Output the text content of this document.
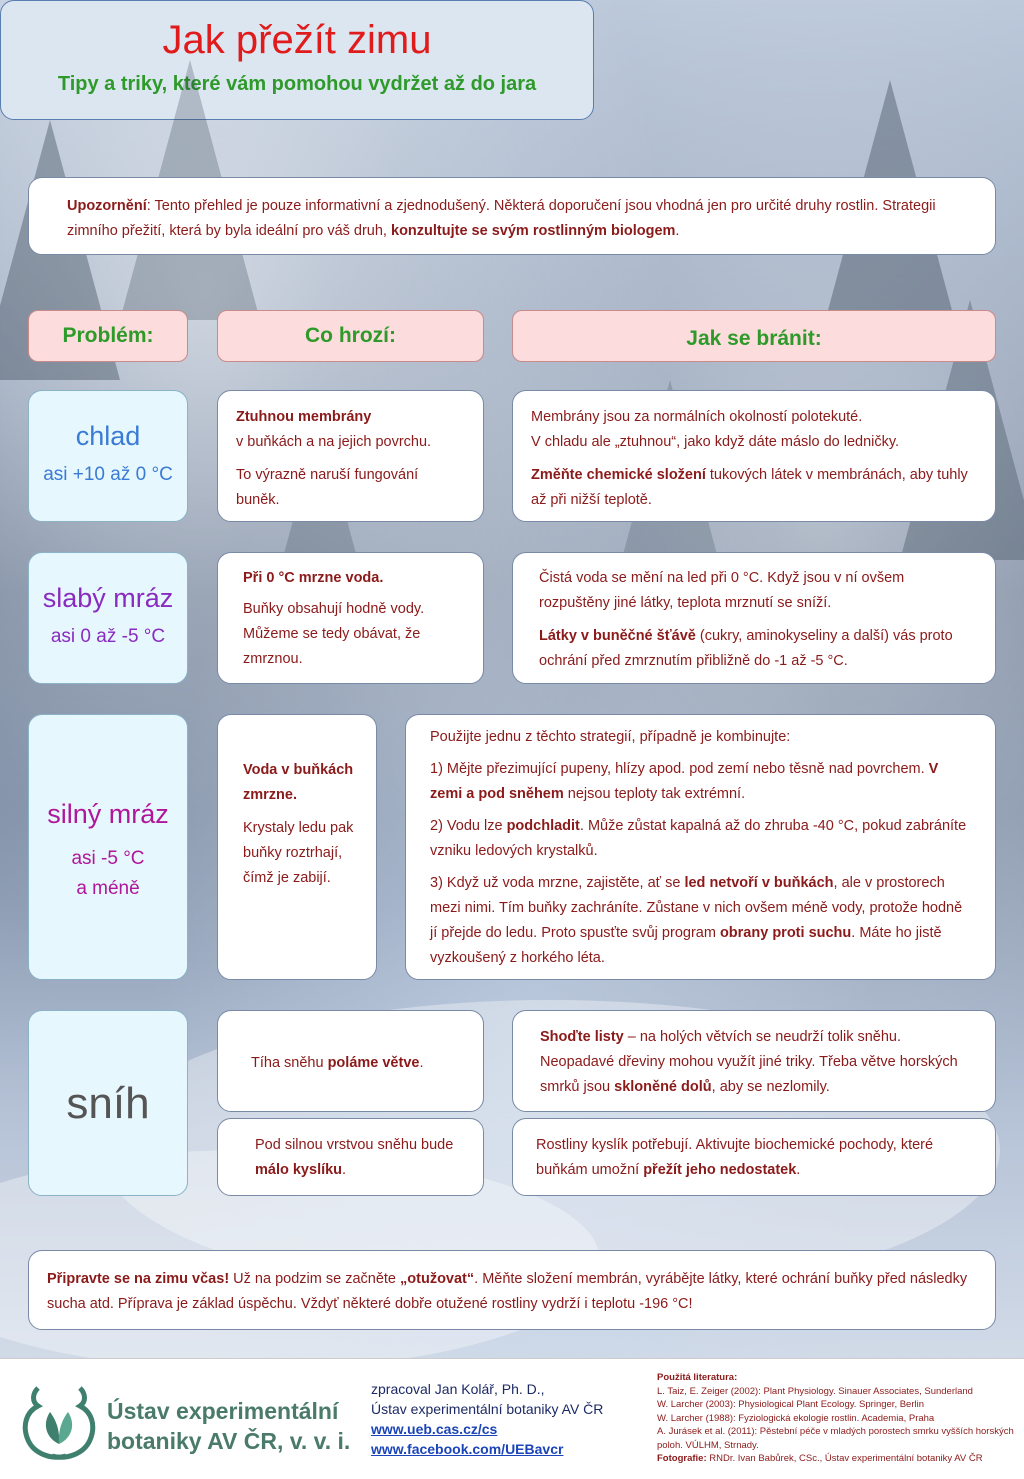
Jak přežít zimu
Tipy a triky, které vám pomohou vydržet až do jara
Upozornění: Tento přehled je pouze informativní a zjednodušený. Některá doporučení jsou vhodná jen pro určité druhy rostlin. Strategii zimního přežití, která by byla ideální pro váš druh, konzultujte se svým rostlinným biologem.
Problém:	Co hrozí:	Jak se bránit:
chlad
asi +10 až 0 °C

Ztuhnou membrány

v buňkách a na jejich povrchu.

To výrazně naruší fungování buněk.

Membrány jsou za normálních okolností polotekuté.

V chladu ale „ztuhnou“, jako když dáte máslo do ledničky.

Změňte chemické složení tukových látek v membránách, aby tuhly až při nižší teplotě.

slabý mráz
asi 0 až -5 °C

Při 0 °C mrzne voda.

Buňky obsahují hodně vody. Můžeme se tedy obávat, že zmrznou.

Čistá voda se mění na led při 0 °C. Když jsou v ní ovšem rozpuštěny jiné látky, teplota mrznutí se sníží.

Látky v buněčné šťávě (cukry, aminokyseliny a další) vás proto ochrání před zmrznutím přibližně do -1 až -5 °C.

silný mráz
asi -5 °C
a méně

Voda v buňkách zmrzne.

Krystaly ledu pak buňky roztrhají, čímž je zabijí.

Použijte jednu z těchto strategií, případně je kombinujte:

1) Mějte přezimující pupeny, hlízy apod. pod zemí nebo těsně nad povrchem. V zemi a pod sněhem nejsou teploty tak extrémní.

2) Vodu lze podchladit. Může zůstat kapalná až do zhruba -40 °C, pokud zabráníte vzniku ledových krystalků.

3) Když už voda mrzne, zajistěte, ať se led netvoří v buňkách, ale v prostorech mezi nimi. Tím buňky zachráníte. Zůstane v nich ovšem méně vody, protože hodně jí přejde do ledu. Proto spusťte svůj program obrany proti suchu. Máte ho jistě vyzkoušený z horkého léta.

sníh

Tíha sněhu poláme větve.

Shoďte listy – na holých větvích se neudrží tolik sněhu. Neopadavé dřeviny mohou využít jiné triky. Třeba větve horských smrků jsou skloněné dolů, aby se nezlomily.

Pod silnou vrstvou sněhu bude málo kyslíku.

Rostliny kyslík potřebují. Aktivujte biochemické pochody, které buňkám umožní přežít jeho nedostatek.

Připravte se na zimu včas! Už na podzim se začněte „otužovat“. Měňte složení membrán, vyrábějte látky, které ochrání buňky před následky sucha atd. Příprava je základ úspěchu. Vždyť některé dobře otužené rostliny vydrží i teplotu -196 °C!

Ústav experimentální
botaniky AV ČR, v. v. i.
zpracoval Jan Kolář, Ph. D.,
Ústav experimentální botaniky AV ČR
www.ueb.cas.cz/cs
www.facebook.com/UEBavcr
Použitá literatura:
L. Taiz, E. Zeiger (2002): Plant Physiology. Sinauer Associates, Sunderland
W. Larcher (2003): Physiological Plant Ecology. Springer, Berlin
W. Larcher (1988): Fyziologická ekologie rostlin. Academia, Praha
A. Jurásek et al. (2011): Pěstební péče v mladých porostech smrku vyšších horských poloh. VÚLHM, Strnady.
Fotografie: RNDr. Ivan Babůrek, CSc., Ústav experimentální botaniky AV ČR
